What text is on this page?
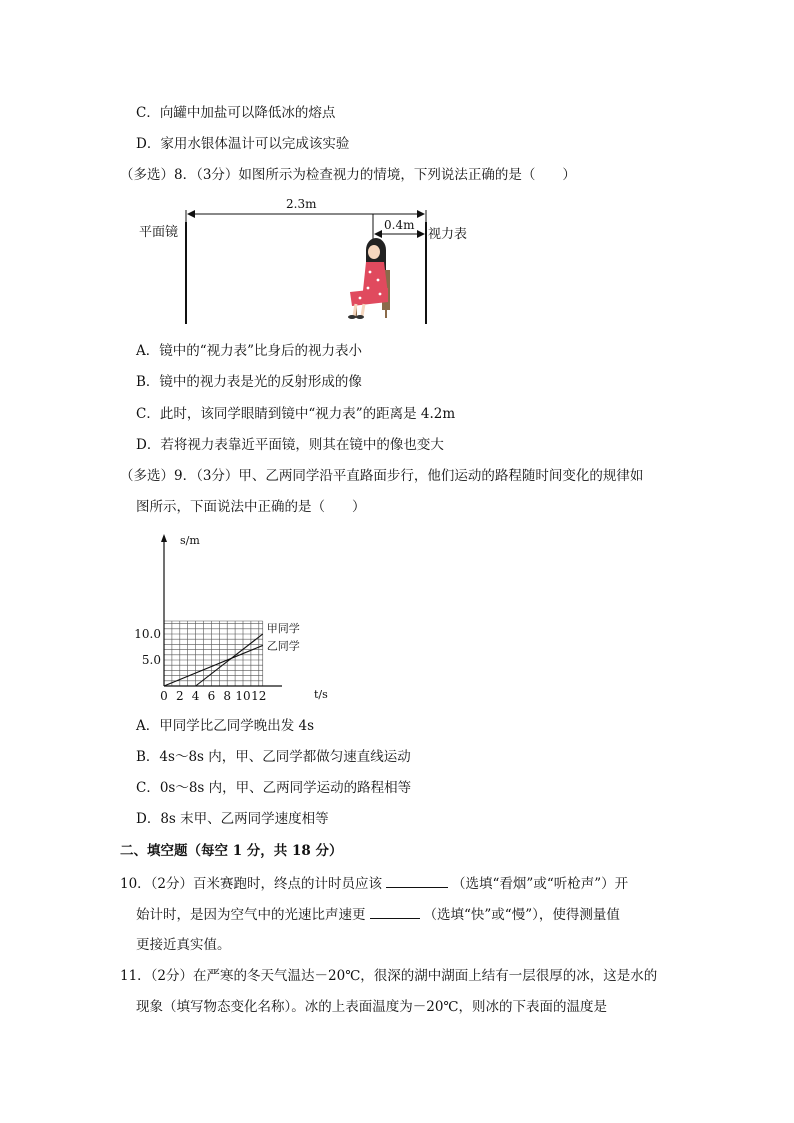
C．向罐中加盐可以降低冰的熔点
D．家用水银体温计可以完成该实验
（多选）8．（3分）如图所示为检查视力的情境，下列说法正确的是（　　）
2.3m
0.4m
平面镜	视力表
A．镜中的“视力表”比身后的视力表小
B．镜中的视力表是光的反射形成的像
C．此时，该同学眼睛到镜中“视力表”的距离是 4.2m
D．若将视力表靠近平面镜，则其在镜中的像也变大
（多选）9．（3分）甲、乙两同学沿平直路面步行，他们运动的路程随时间变化的规律如
图所示，下面说法中正确的是（　　）
s/m
t/s
0 2 4 6 8 10 12
5.0
10.0	甲同学
乙同学
A．甲同学比乙同学晚出发 4s
B．4s～8s 内，甲、乙同学都做匀速直线运动
C．0s～8s 内，甲、乙两同学运动的路程相等
D．8s 末甲、乙两同学速度相等
二、填空题（每空 1 分，共 18 分）
10．（2分）百米赛跑时，终点的计时员应该	（选填“看烟”或“听枪声”）开
始计时，是因为空气中的光速比声速更	（选填“快”或“慢”），使得测量值
更接近真实值。
11．（2分）在严寒的冬天气温达－20℃，很深的湖中湖面上结有一层很厚的冰，这是水的
现象（填写物态变化名称）。冰的上表面温度为－20℃，则冰的下表面的温度是
